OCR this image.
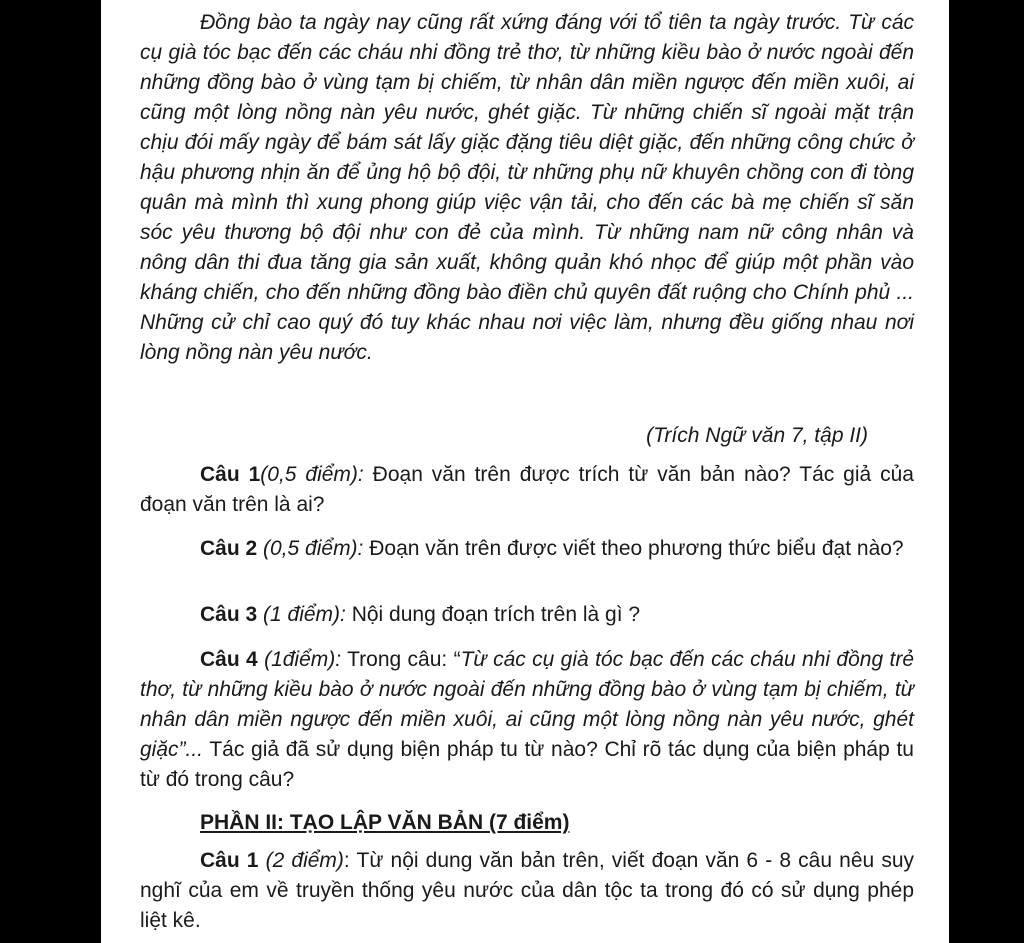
Đồng bào ta ngày nay cũng rất xứng đáng với tổ tiên ta ngày trước. Từ các cụ già tóc bạc đến các cháu nhi đồng trẻ thơ, từ những kiều bào ở nước ngoài đến những đồng bào ở vùng tạm bị chiếm, từ nhân dân miền ngược đến miền xuôi, ai cũng một lòng nồng nàn yêu nước, ghét giặc. Từ những chiến sĩ ngoài mặt trận chịu đói mấy ngày để bám sát lấy giặc đặng tiêu diệt giặc, đến những công chức ở hậu phương nhịn ăn để ủng hộ bộ đội, từ những phụ nữ khuyên chồng con đi tòng quân mà mình thì xung phong giúp việc vận tải, cho đến các bà mẹ chiến sĩ săn sóc yêu thương bộ đội như con đẻ của mình. Từ những nam nữ công nhân và nông dân thi đua tăng gia sản xuất, không quản khó nhọc để giúp một phần vào kháng chiến, cho đến những đồng bào điền chủ quyên đất ruộng cho Chính phủ ... Những cử chỉ cao quý đó tuy khác nhau nơi việc làm, nhưng đều giống nhau nơi lòng nồng nàn yêu nước.
(Trích Ngữ văn 7, tập II)
Câu 1(0,5 điểm): Đoạn văn trên được trích từ văn bản nào? Tác giả của đoạn văn trên là ai?
Câu 2 (0,5 điểm): Đoạn văn trên được viết theo phương thức biểu đạt nào?
Câu 3 (1 điểm): Nội dung đoạn trích trên là gì ?
Câu 4 (1điểm): Trong câu: “Từ các cụ già tóc bạc đến các cháu nhi đồng trẻ thơ, từ những kiều bào ở nước ngoài đến những đồng bào ở vùng tạm bị chiếm, từ nhân dân miền ngược đến miền xuôi, ai cũng một lòng nồng nàn yêu nước, ghét giặc”... Tác giả đã sử dụng biện pháp tu từ nào? Chỉ rõ tác dụng của biện pháp tu từ đó trong câu?
PHẦN II: TẠO LẬP VĂN BẢN (7 điểm)
Câu 1 (2 điểm): Từ nội dung văn bản trên, viết đoạn văn 6 - 8 câu nêu suy nghĩ của em về truyền thống yêu nước của dân tộc ta trong đó có sử dụng phép liệt kê.
